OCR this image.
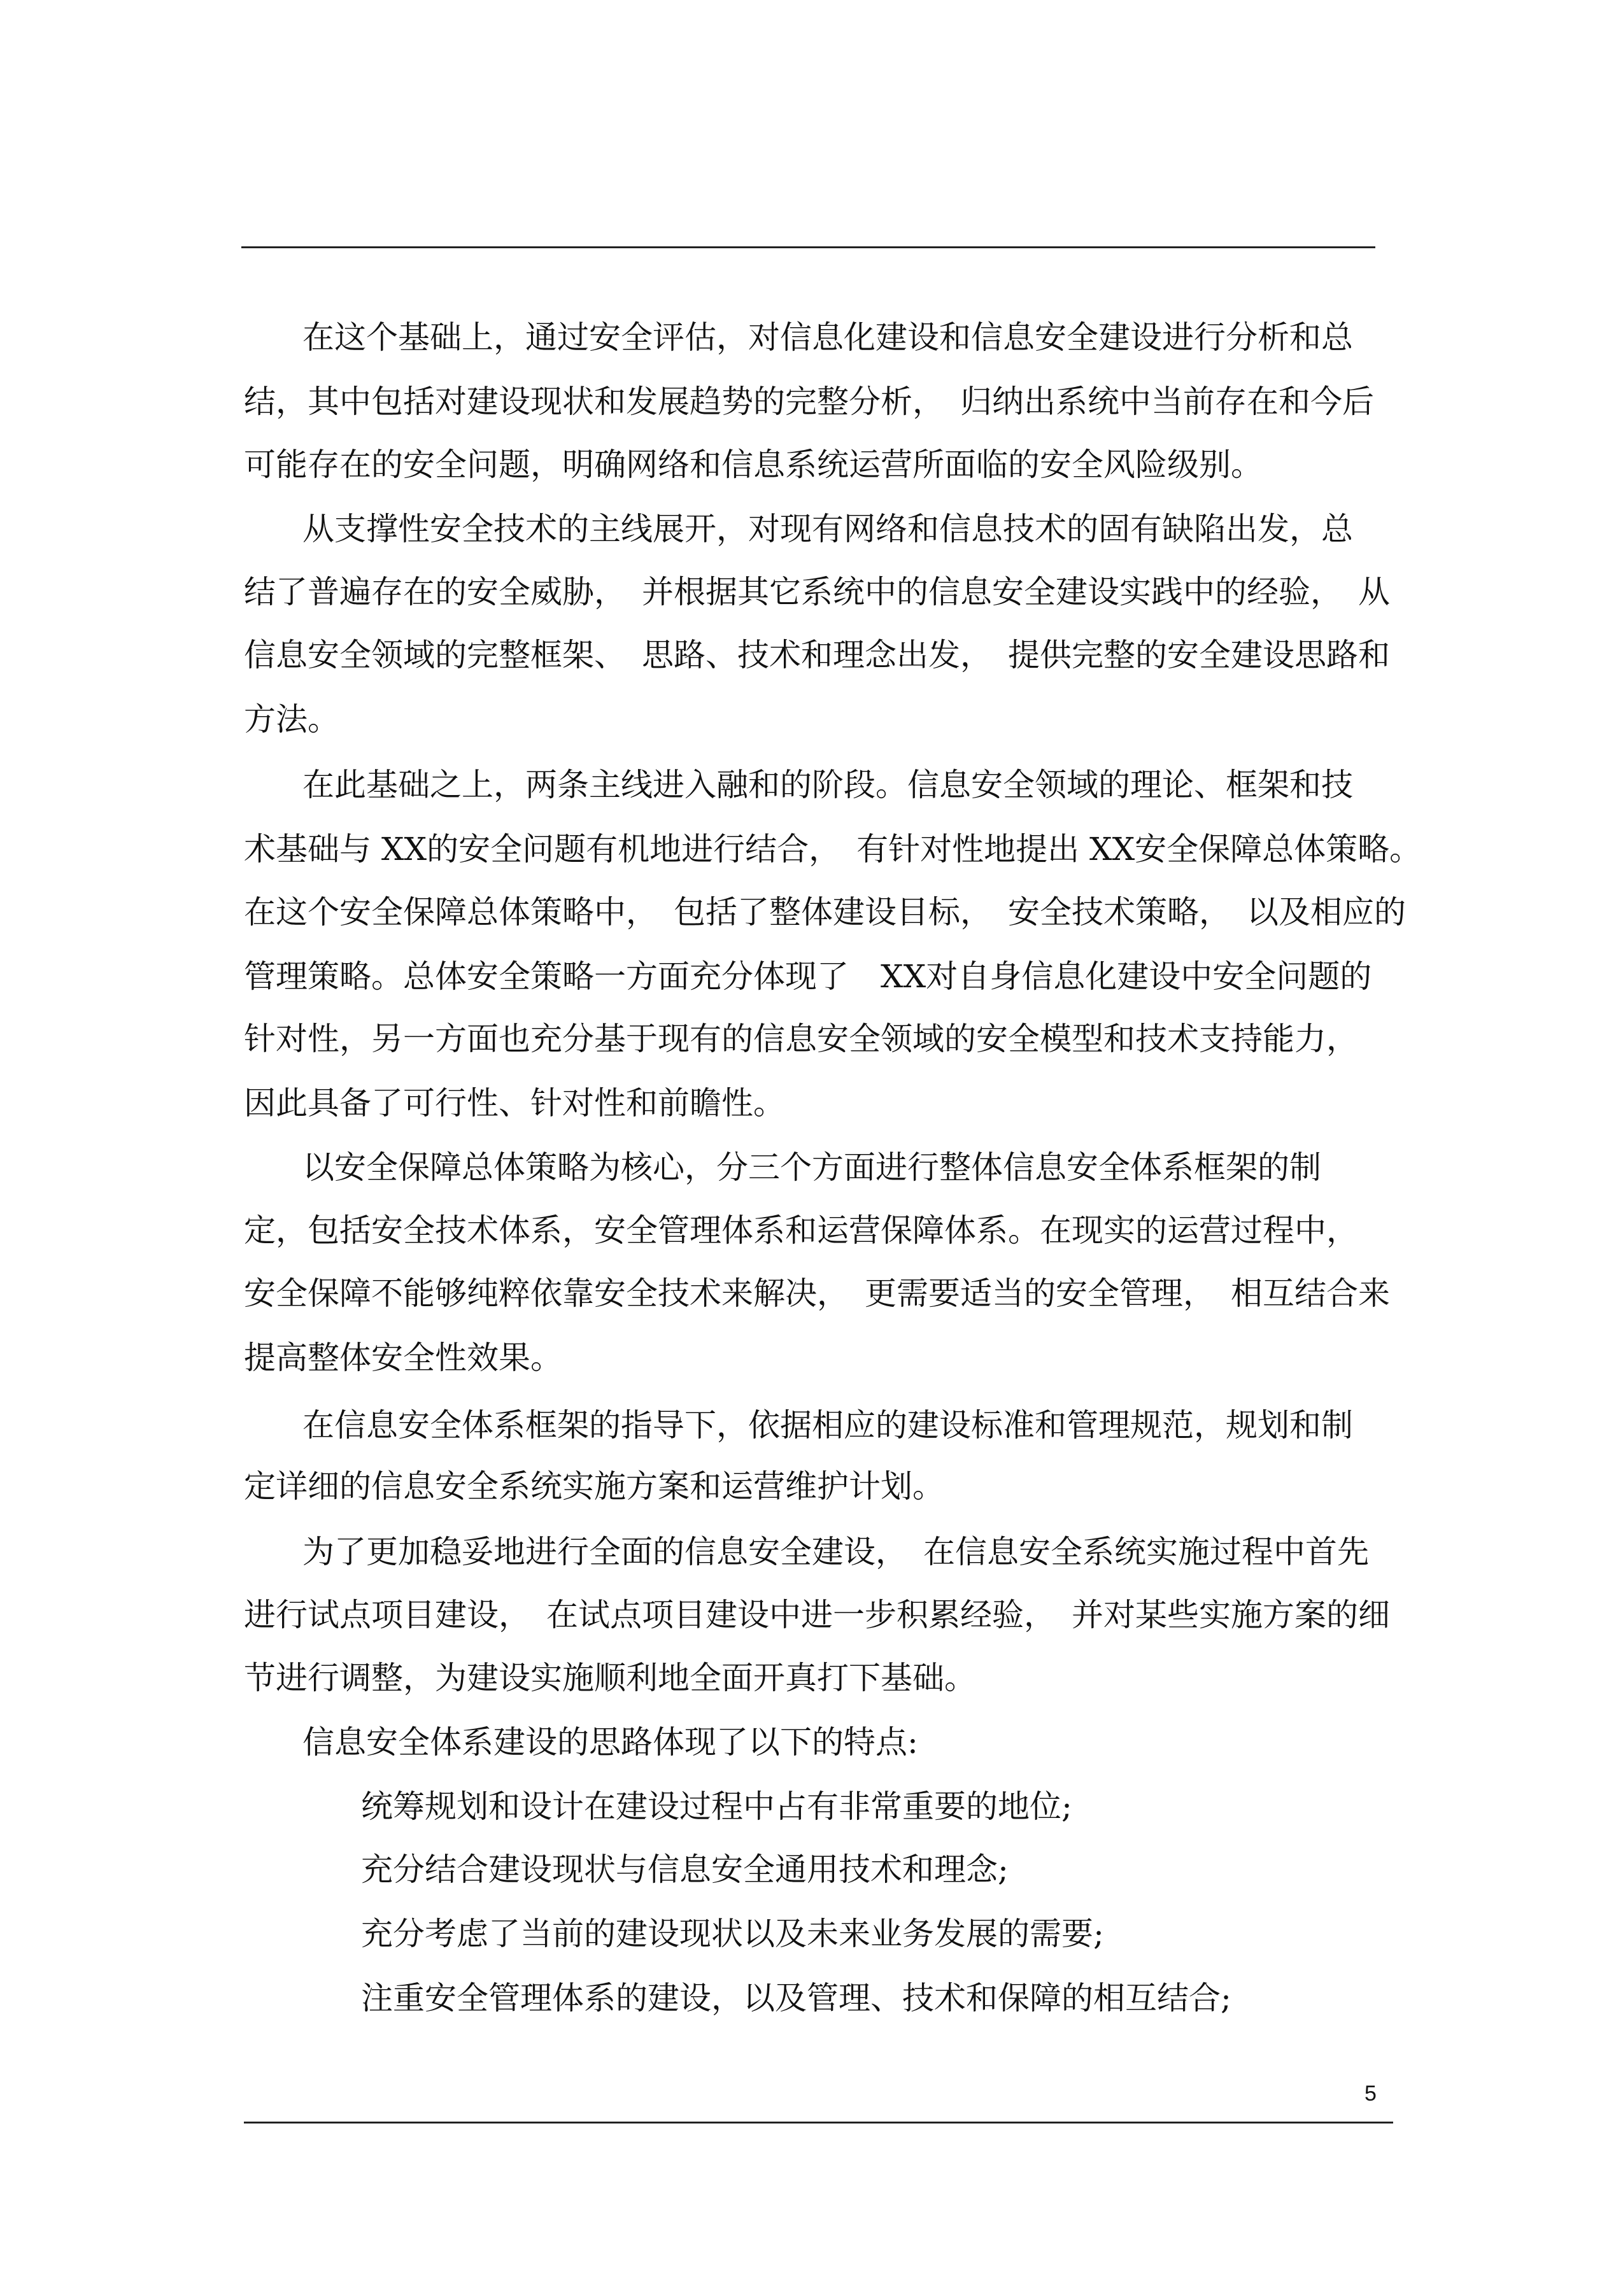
在这个基础上，通过安全评估，对信息化建设和信息安全建设进行分析和总
结，其中包括对建设现状和发展趋势的完整分析，　归纳出系统中当前存在和今后
可能存在的安全问题，明确网络和信息系统运营所面临的安全风险级别。
从支撑性安全技术的主线展开，对现有网络和信息技术的固有缺陷出发，总
结了普遍存在的安全威胁，　并根据其它系统中的信息安全建设实践中的经验，　从
信息安全领域的完整框架、　思路、技术和理念出发，　提供完整的安全建设思路和
方法。
在此基础之上，两条主线进入融和的阶段。信息安全领域的理论、框架和技
术基础与 XX的安全问题有机地进行结合，　有针对性地提出 XX安全保障总体策略。
在这个安全保障总体策略中，　包括了整体建设目标，　安全技术策略，　以及相应的
管理策略。总体安全策略一方面充分体现了　XX对自身信息化建设中安全问题的
针对性，另一方面也充分基于现有的信息安全领域的安全模型和技术支持能力，
因此具备了可行性、针对性和前瞻性。
以安全保障总体策略为核心，分三个方面进行整体信息安全体系框架的制
定，包括安全技术体系，安全管理体系和运营保障体系。在现实的运营过程中，
安全保障不能够纯粹依靠安全技术来解决，　更需要适当的安全管理，　相互结合来
提高整体安全性效果。
在信息安全体系框架的指导下，依据相应的建设标准和管理规范，规划和制
定详细的信息安全系统实施方案和运营维护计划。
为了更加稳妥地进行全面的信息安全建设，　在信息安全系统实施过程中首先
进行试点项目建设，　在试点项目建设中进一步积累经验，　并对某些实施方案的细
节进行调整，为建设实施顺利地全面开真打下基础。
信息安全体系建设的思路体现了以下的特点:
统筹规划和设计在建设过程中占有非常重要的地位;
充分结合建设现状与信息安全通用技术和理念;
充分考虑了当前的建设现状以及未来业务发展的需要;
注重安全管理体系的建设，以及管理、技术和保障的相互结合;
5
